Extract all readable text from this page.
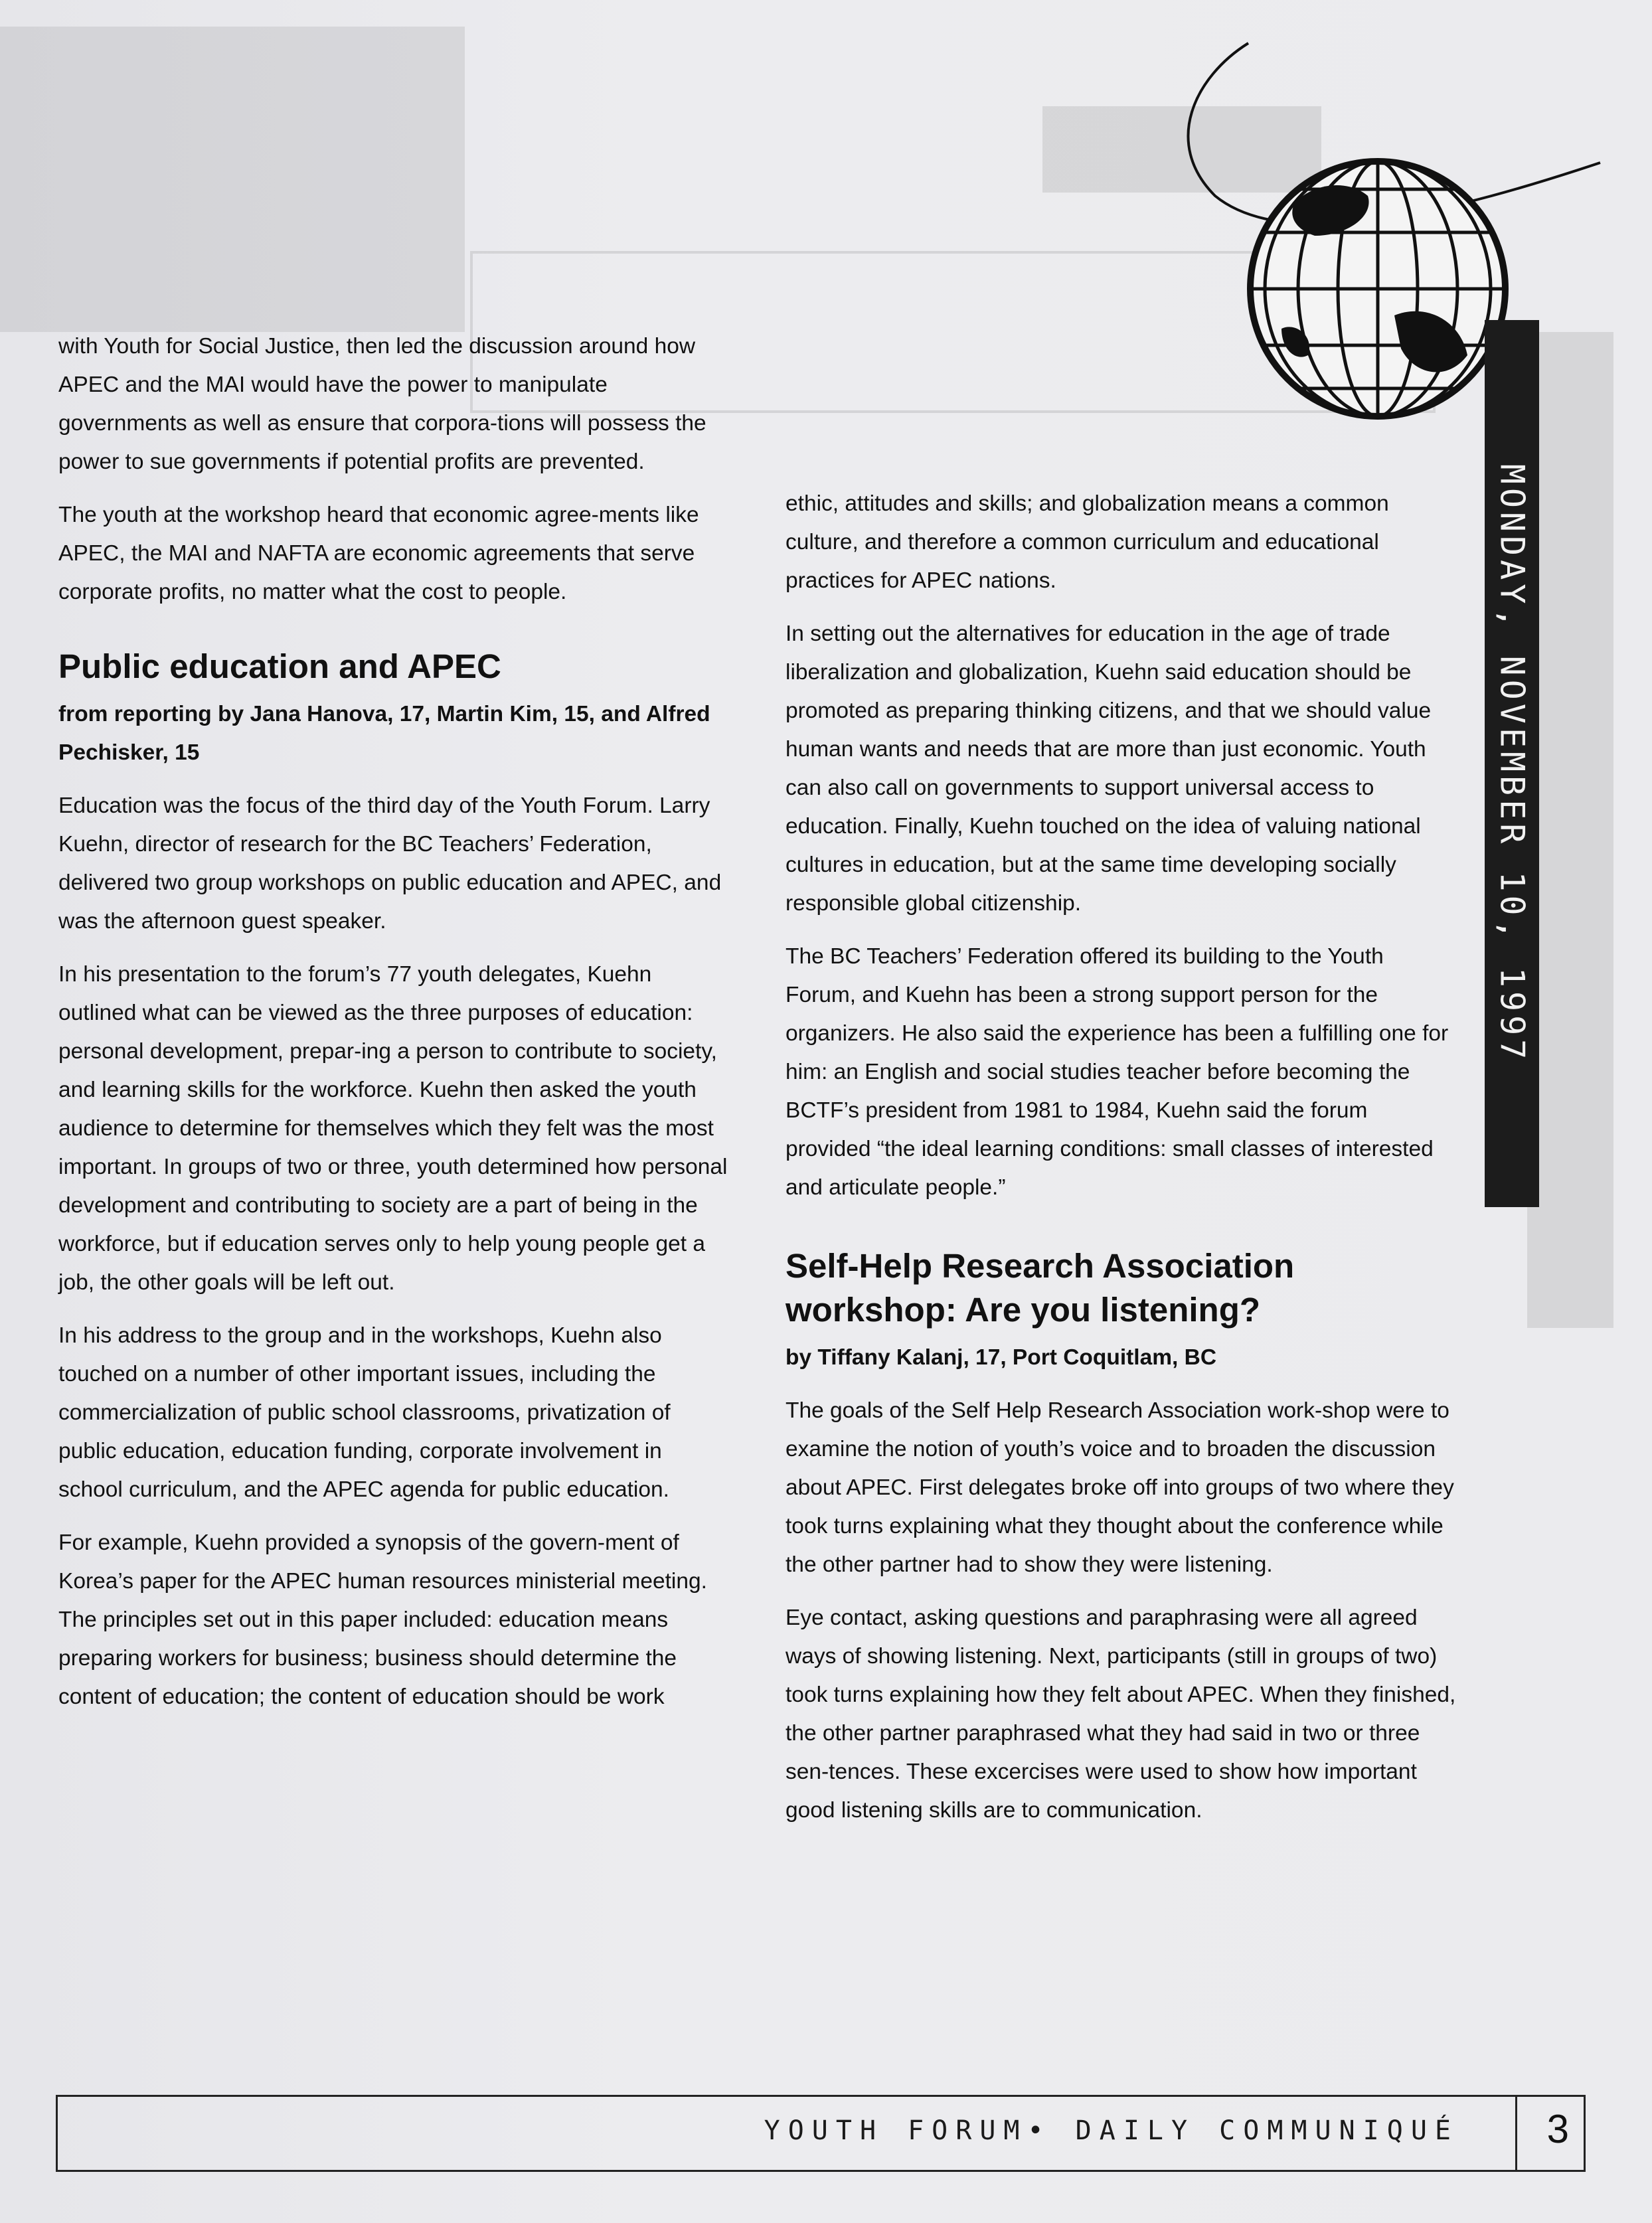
with Youth for Social Justice, then led the discussion around how APEC and the MAI would have the power to manipulate governments as well as ensure that corpora-tions will possess the power to sue governments if potential profits are prevented.

The youth at the workshop heard that economic agree-ments like APEC, the MAI and NAFTA are economic agreements that serve corporate profits, no matter what the cost to people.

Public education and APEC

from reporting by Jana Hanova, 17, Martin Kim, 15, and Alfred Pechisker, 15

Education was the focus of the third day of the Youth Forum. Larry Kuehn, director of research for the BC Teachers’ Federation, delivered two group workshops on public education and APEC, and was the afternoon guest speaker.

In his presentation to the forum’s 77 youth delegates, Kuehn outlined what can be viewed as the three purposes of education: personal development, prepar-ing a person to contribute to society, and learning skills for the workforce. Kuehn then asked the youth audience to determine for themselves which they felt was the most important. In groups of two or three, youth determined how personal development and contributing to society are a part of being in the workforce, but if education serves only to help young people get a job, the other goals will be left out.

In his address to the group and in the workshops, Kuehn also touched on a number of other important issues, including the commercialization of public school classrooms, privatization of public education, education funding, corporate involvement in school curriculum, and the APEC agenda for public education.

For example, Kuehn provided a synopsis of the govern-ment of Korea’s paper for the APEC human resources ministerial meeting. The principles set out in this paper included: education means preparing workers for business; business should determine the content of education; the content of education should be work

ethic, attitudes and skills; and globalization means a common culture, and therefore a common curriculum and educational practices for APEC nations.

In setting out the alternatives for education in the age of trade liberalization and globalization, Kuehn said education should be promoted as preparing thinking citizens, and that we should value human wants and needs that are more than just economic. Youth can also call on governments to support universal access to education. Finally, Kuehn touched on the idea of valuing national cultures in education, but at the same time developing socially responsible global citizenship.

The BC Teachers’ Federation offered its building to the Youth Forum, and Kuehn has been a strong support person for the organizers. He also said the experience has been a fulfilling one for him: an English and social studies teacher before becoming the BCTF’s president from 1981 to 1984, Kuehn said the forum provided “the ideal learning conditions: small classes of interested and articulate people.”

Self-Help Research Association workshop: Are you listening?

by Tiffany Kalanj, 17, Port Coquitlam, BC

The goals of the Self Help Research Association work-shop were to examine the notion of youth’s voice and to broaden the discussion about APEC. First delegates broke off into groups of two where they took turns explaining what they thought about the conference while the other partner had to show they were listening.

Eye contact, asking questions and paraphrasing were all agreed ways of showing listening. Next, participants (still in groups of two) took turns explaining how they felt about APEC. When they finished, the other partner paraphrased what they had said in two or three sen-tences. These excercises were used to show how important good listening skills are to communication.

MONDAY, NOVEMBER 10, 1997
YOUTH FORUM• DAILY COMMUNIQUÉ 3
